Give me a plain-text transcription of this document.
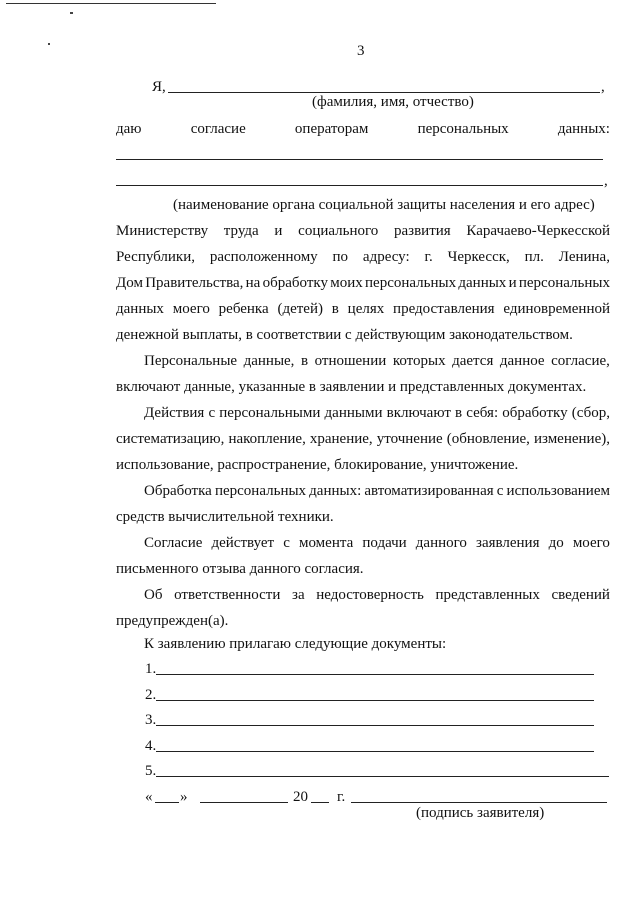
3
Я,	,
(фамилия, имя, отчество)
даю	согласие	операторам	персональных	данных:
,
(наименование органа социальной защиты населения и его адрес)
Министерству труда и социального развития Карачаево-Черкесской
Республики, расположенному по адресу: г. Черкесск, пл. Ленина,
Дом Правительства, на обработку моих персональных данных и персональных
данных моего ребенка (детей) в целях предоставления единовременной
денежной выплаты, в соответствии с действующим законодательством.
Персональные данные, в отношении которых дается данное согласие,
включают данные, указанные в заявлении и представленных документах.
Действия с персональными данными включают в себя: обработку (сбор,
систематизацию, накопление, хранение, уточнение (обновление, изменение),
использование, распространение, блокирование, уничтожение.
Обработка персональных данных: автоматизированная с использованием
средств вычислительной техники.
Согласие действует с момента подачи данного заявления до моего
письменного отзыва данного согласия.
Об ответственности за недостоверность представленных сведений
предупрежден(а).
К заявлению прилагаю следующие документы:
1.
2.
3.
4.
5.
« »	20 г.
(подпись заявителя)
